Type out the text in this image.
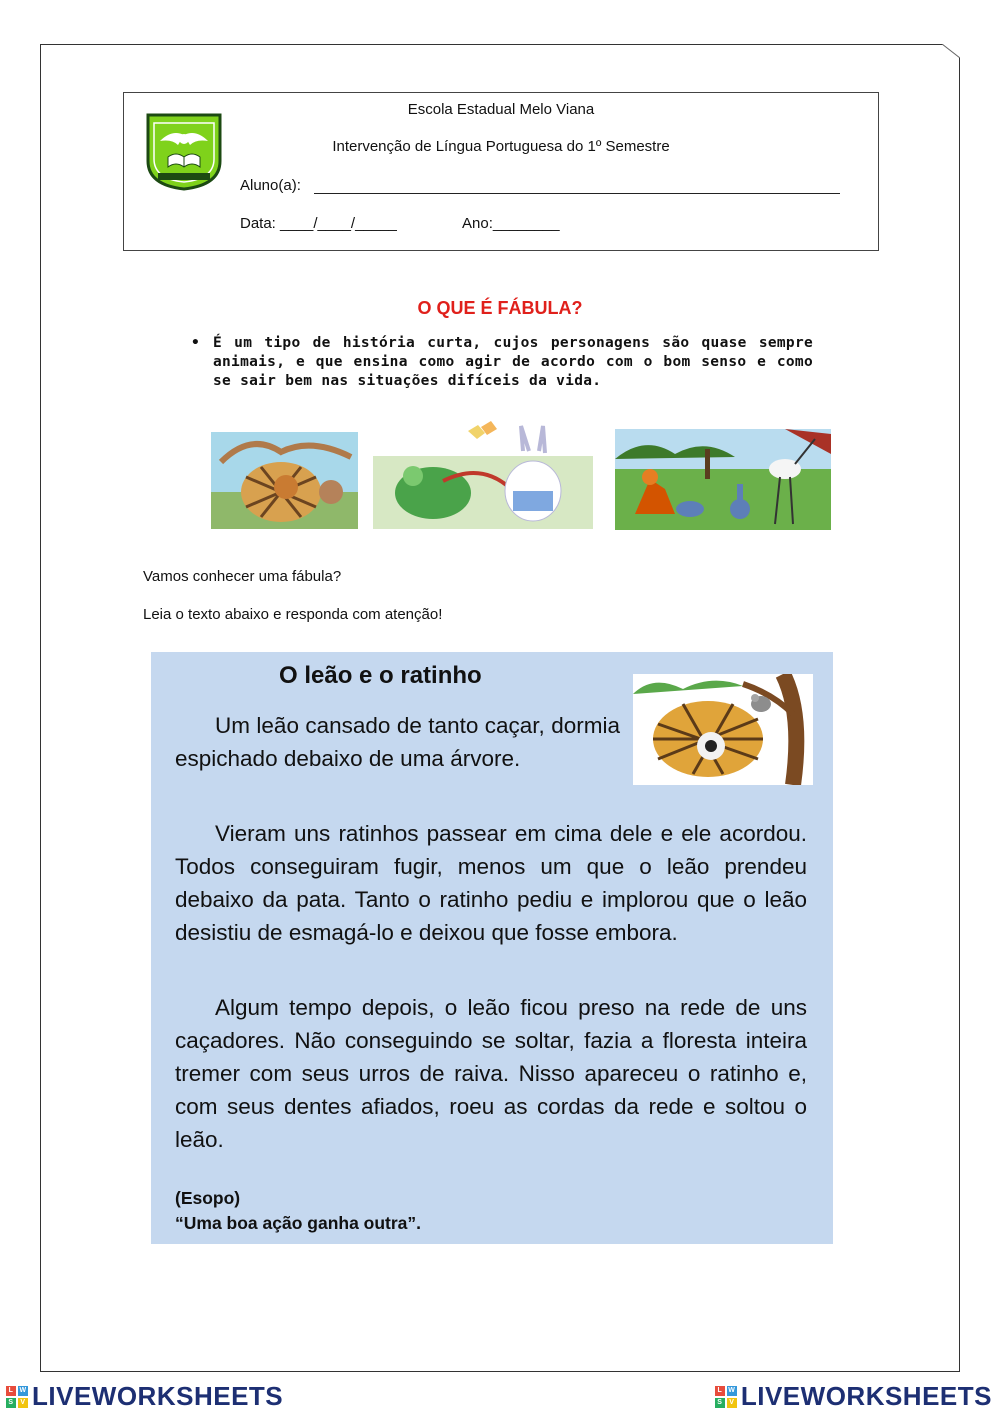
Escola Estadual Melo Viana
Intervenção de Língua Portuguesa do 1º Semestre
Aluno(a):
Data: ____/____/_____	Ano:________
O QUE É FÁBULA?
• É um tipo de história curta, cujos personagens são quase sempre animais, e que ensina como agir de acordo com o bom senso e como se sair bem nas situações difíceis da vida.
Vamos conhecer uma fábula?
Leia o texto abaixo e responda com atenção!
O leão e o ratinho
Um leão cansado de tanto caçar, dormia espichado debaixo de uma árvore.
Vieram uns ratinhos passear em cima dele e ele acordou. Todos conseguiram fugir, menos um que o leão prendeu debaixo da pata. Tanto o ratinho pediu e implorou que o leão desistiu de esmagá-lo e deixou que fosse embora.
Algum tempo depois, o leão ficou preso na rede de uns caçadores. Não conseguindo se soltar, fazia a floresta inteira tremer com seus urros de raiva. Nisso apareceu o ratinho e, com seus dentes afiados, roeu as cordas da rede e soltou o leão.
(Esopo)
“Uma boa ação ganha outra”.
L W
S V LIVEWORKSHEETS	L W
S V LIVEWORKSHEETS
